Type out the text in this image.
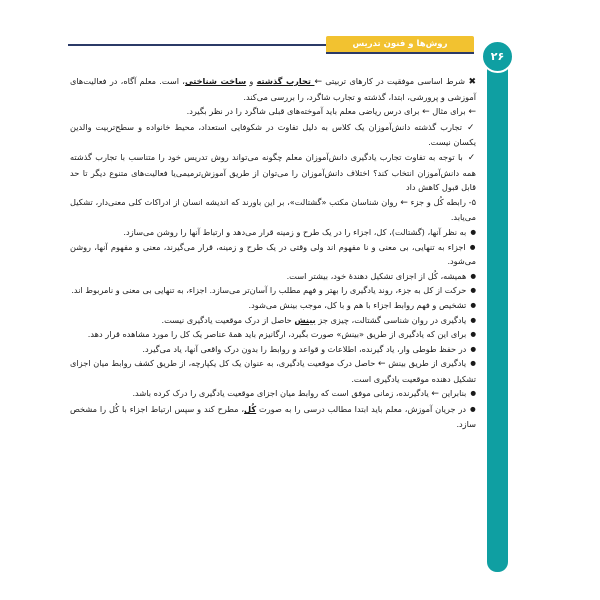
روش‌ها و فنون تدریس
۲۶
✖ شرط اساسی موفقیت در کارهای تربیتی ← تجارب گذشته و ساخت شناختی، است. معلم آگاه، در فعالیت‌های آموزشی و پرورشی، ابتدا، گذشته و تجارب شاگرد، را بررسی می‌کند.
← برای مثال ← برای درس ریاضی معلم باید آموخته‌های قبلی شاگرد را در نظر بگیرد.
✓ تجارب گذشته دانش‌آموزان یک کلاس به دلیل تفاوت در شکوفایی استعداد، محیط خانواده و سطح‌تربیت والدین یکسان نیست.
✓ با توجه به تفاوت تجارب یادگیری دانش‌آموزان معلم چگونه می‌تواند روش تدریس خود را متناسب با تجارب گذشته همه دانش‌آموزان انتخاب کند؟ اختلاف دانش‌آموزان را می‌توان از طریق آموزش‌ترمیمی‌یا فعالیت‌های متنوع دیگر تا حد قابل قبول کاهش داد
۵- رابطه کُل و جزء ← روان شناسان مکتب «گشتالت»، بر این باورند که اندیشه انسان از ادراکات کلی معنی‌دار، تشکیل می‌یابد.
● به نظر آنها، (گشتالت)، کل، اجزاء را در یک طرح و زمینه قرار می‌دهد و ارتباط آنها را روشن می‌سازد.
● اجزاء به تنهایی، بی معنی و نا مفهوم اند ولی وقتی در یک طرح و زمینه، قرار می‌گیرند، معنی و مفهوم آنها، روشن می‌شود.
● همیشه، کُل از اجزای تشکیل دهندهٔ خود، بیشتر است.
● حرکت از کل به جزء، روند یادگیری را بهتر و فهم مطلب را آسان‌تر می‌سازد. اجزاء، به تنهایی بی معنی و نامربوط اند.
● تشخیص و فهم روابط اجزاء با هم و با کل، موجب بینش می‌شود.
● یادگیری در روان شناسی گشتالت، چیزی جز بینش حاصل از درک موقعیت یادگیری نیست.
● برای این که یادگیری از طریق «بینش» صورت بگیرد، ارگانیزم باید همهٔ عناصر یک کل را مورد مشاهده قرار دهد.
● در حفظ طوطی وار، یاد گیرنده، اطلاعات و قواعد و روابط را بدون درک واقعی آنها، یاد می‌گیرد.
● یادگیری از طریق بینش ← حاصل درک موقعیت یادگیری، به عنوان یک کل یکپارچه، از طریق کشف روابط میان اجزای تشکیل دهنده موقعیت یادگیری است.
● بنابراین ← یادگیرنده، زمانی موفق است که روابط میان اجزای موقعیت یادگیری را درک کرده باشد.
● در جریان آموزش، معلم باید ابتدا مطالب درسی را به صورت کُل، مطرح کند و سپس ارتباط اجزاء با کُل را مشخص سازد.
